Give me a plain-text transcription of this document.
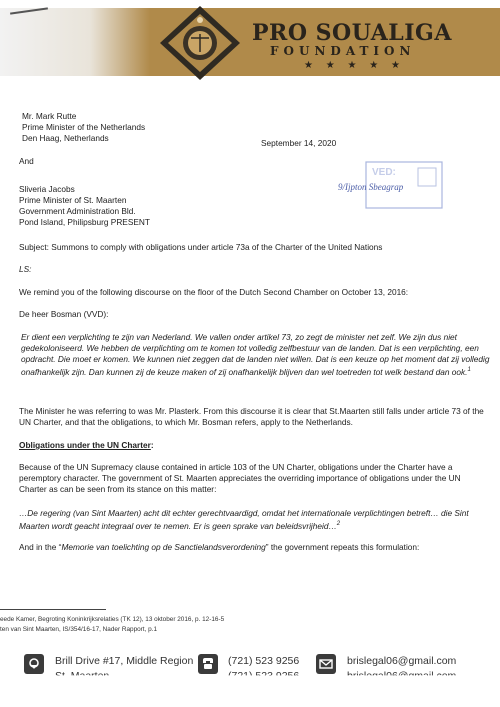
PRO SOUALIGA
FOUNDATION
★ ★ ★ ★ ★
Mr. Mark Rutte
Prime Minister of the Netherlands
Den Haag, Netherlands	September 14, 2020
And
Sliveria Jacobs
Prime Minister of St. Maarten
Government Administration Bld.
Pond Island, Philipsburg PRESENT
VED:
9/Ijpton Sbeagrap

Subject: Summons to comply with obligations under article 73a of the Charter of the United Nations

LS:

We remind you of the following discourse on the floor of the Dutch Second Chamber on October 13, 2016:

De heer Bosman (VVD):

Er dient een verplichting te zijn van Nederland. We vallen onder artikel 73, zo zegt de minister net zelf. We zijn dus niet gedekoloniseerd. We hebben de verplichting om te komen tot volledig zelfbestuur van de landen. Dat is een verplichting, een opdracht. Die moet er komen. We kunnen niet zeggen dat de landen niet willen. Dat is een keuze op het moment dat zij volledig onafhankelijk zijn. Dan kunnen zij de keuze maken of zij onafhankelijk blijven dan wel toetreden tot welk bestand dan ook.$^1$

The Minister he was referring to was Mr. Plasterk. From this discourse it is clear that St.Maarten still falls under article 73 of the UN Charter, and that the obligations, to which Mr. Bosman refers, apply to the Netherlands.

Obligations under the UN Charter:

Because of the UN Supremacy clause contained in article 103 of the UN Charter, obligations under the Charter have a peremptory character. The government of St. Maarten appreciates the overriding importance of obligations under the UN Charter as can be seen from its stance on this matter:

…De regering (van Sint Maarten) acht dit echter gerechtvaardigd, omdat het internationale verplichtingen betreft… die Sint Maarten wordt geacht integraal over te nemen. Er is geen sprake van beleidsvrijheid…$^2$

And in the “Memorie van toelichting op de Sanctielandsverordening” the government repeats this formulation:

eede Kamer, Begroting Koninkrijksrelaties (TK 12), 13 oktober 2016, p. 12-16-5
ten van Sint Maarten, IS/354/16-17, Nader Rapport, p.1
Brill Drive #17, Middle Region	(721) 523 9256	brislegal06@gmail.com
